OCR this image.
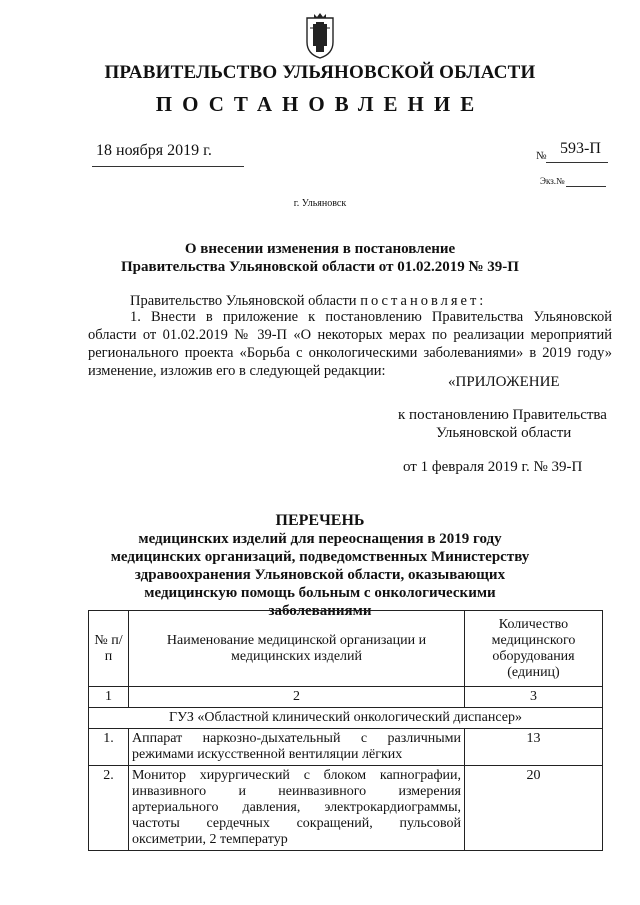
ПРАВИТЕЛЬСТВО УЛЬЯНОВСКОЙ ОБЛАСТИ
ПОСТАНОВЛЕНИЕ
18 ноября 2019 г.	№ 593-П
Экз.№
г. Ульяновск
О внесении изменения в постановление
Правительства Ульяновской области от 01.02.2019 № 39-П
Правительство Ульяновской области постановляет:
1. Внести в приложение к постановлению Правительства Ульяновской области от 01.02.2019 № 39-П «О некоторых мерах по реализации мероприятий регионального проекта «Борьба с онкологическими заболеваниями» в 2019 году» изменение, изложив его в следующей редакции:
«ПРИЛОЖЕНИЕ
к постановлению Правительства
Ульяновской области
от 1 февраля 2019 г. № 39-П
ПЕРЕЧЕНЬ
медицинских изделий для переоснащения в 2019 году медицинских организаций, подведомственных Министерству здравоохранения Ульяновской области, оказывающих медицинскую помощь больным с онкологическими заболеваниями
№ п/п	Наименование медицинской организации и медицинских изделий	Количество медицинского оборудования (единиц)
1	2	3
ГУЗ «Областной клинический онкологический диспансер»		
1.	Аппарат наркозно-дыхательный с различными режимами искусственной вентиляции лёгких	13
2.	Монитор хирургический с блоком капнографии, инвазивного и неинвазивного измерения артериального давления, электрокардиограммы, частоты сердечных сокращений, пульсовой оксиметрии, 2 температур	20
